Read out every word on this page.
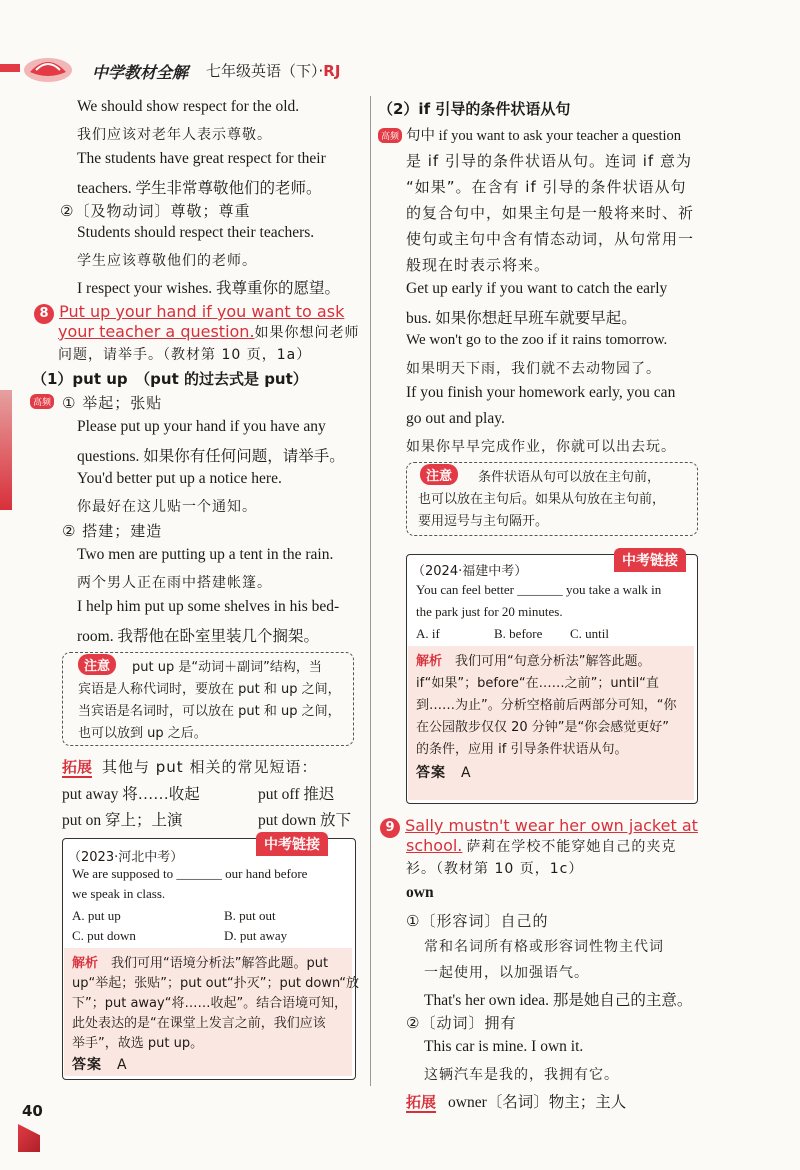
中学教材全解 七年级英语（下）·RJ
We should show respect for the old.
我们应该对老年人表示尊敬。
The students have great respect for their
teachers. 学生非常尊敬他们的老师。
②〔及物动词〕尊敬；尊重
Students should respect their teachers.
学生应该尊敬他们的老师。
I respect your wishes. 我尊重你的愿望。
8 Put up your hand if you want to ask
your teacher a question.如果你想问老师
问题，请举手。（教材第 10 页，1a）
（1）put up　（put 的过去式是 put）
高频 ① 举起；张贴
Please put up your hand if you have any
questions. 如果你有任何问题，请举手。
You'd better put up a notice here.
你最好在这儿贴一个通知。
② 搭建；建造
Two men are putting up a tent in the rain.
两个男人正在雨中搭建帐篷。
I help him put up some shelves in his bed-
room. 我帮他在卧室里装几个搁架。
注意	put up 是“动词＋副词”结构，当
宾语是人称代词时，要放在 put 和 up 之间，
当宾语是名词时，可以放在 put 和 up 之间，
也可以放到 up 之后。
拓展 其他与 put 相关的常见短语：
put away 将……收起	put off 推迟
put on 穿上；上演	put down 放下
中考链接
（2023·河北中考）
We are supposed to _______ our hand before
we speak in class.
A. put up	B. put out
C. put down	D. put away
解析　 我们可用“语境分析法”解答此题。put
up“举起；张贴”；put out“扑灭”；put down“放
下”；put away“将……收起”。结合语境可知，
此处表达的是“在课堂上发言之前，我们应该
举手”，故选 put up。
答案　 A
（2）if 引导的条件状语从句
高频 句中 if you want to ask your teacher a question
是 if 引导的条件状语从句。连词 if 意为
“如果”。在含有 if 引导的条件状语从句
的复合句中，如果主句是一般将来时、祈
使句或主句中含有情态动词，从句常用一
般现在时表示将来。
Get up early if you want to catch the early
bus. 如果你想赶早班车就要早起。
We won't go to the zoo if it rains tomorrow.
如果明天下雨，我们就不去动物园了。
If you finish your homework early, you can
go out and play.
如果你早早完成作业，你就可以出去玩。
注意	条件状语从句可以放在主句前，
也可以放在主句后。如果从句放在主句前，
要用逗号与主句隔开。
中考链接
（2024·福建中考）
You can feel better _______ you take a walk in
the park just for 20 minutes.
A. if	B. before C. until
解析　 我们可用“句意分析法”解答此题。
if“如果”；before“在……之前”；until“直
到……为止”。分析空格前后两部分可知，“你
在公园散步仅仅 20 分钟”是“你会感觉更好”
的条件，应用 if 引导条件状语从句。
答案　 A
9 Sally mustn't wear her own jacket at
school. 萨莉在学校不能穿她自己的夹克
衫。（教材第 10 页，1c）
own
①〔形容词〕自己的
常和名词所有格或形容词性物主代词
一起使用，以加强语气。
That's her own idea. 那是她自己的主意。
②〔动词〕拥有
This car is mine. I own it.
这辆汽车是我的，我拥有它。
拓展 owner〔名词〕物主；主人
40
